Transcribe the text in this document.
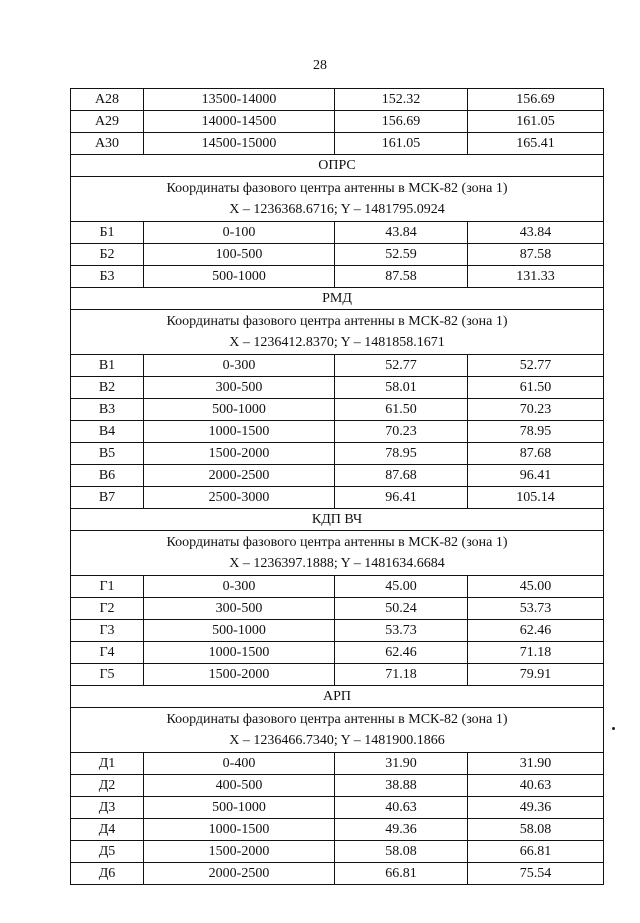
28
А28	13500-14000	152.32	156.69
А29	14000-14500	156.69	161.05
А30	14500-15000	161.05	165.41
ОПРС			

Координаты фазового центра антенны в МСК-82 (зона 1)
X – 1236368.6716; Y – 1481795.0924			

Б1	0-100	43.84	43.84
Б2	100-500	52.59	87.58
Б3	500-1000	87.58	131.33
РМД			

Координаты фазового центра антенны в МСК-82 (зона 1)
X – 1236412.8370; Y – 1481858.1671			

В1	0-300	52.77	52.77
В2	300-500	58.01	61.50
В3	500-1000	61.50	70.23
В4	1000-1500	70.23	78.95
В5	1500-2000	78.95	87.68
В6	2000-2500	87.68	96.41
В7	2500-3000	96.41	105.14
КДП ВЧ			

Координаты фазового центра антенны в МСК-82 (зона 1)
X – 1236397.1888; Y – 1481634.6684			

Г1	0-300	45.00	45.00
Г2	300-500	50.24	53.73
Г3	500-1000	53.73	62.46
Г4	1000-1500	62.46	71.18
Г5	1500-2000	71.18	79.91
АРП			

Координаты фазового центра антенны в МСК-82 (зона 1)
X – 1236466.7340; Y – 1481900.1866			

Д1	0-400	31.90	31.90
Д2	400-500	38.88	40.63
Д3	500-1000	40.63	49.36
Д4	1000-1500	49.36	58.08
Д5	1500-2000	58.08	66.81
Д6	2000-2500	66.81	75.54
